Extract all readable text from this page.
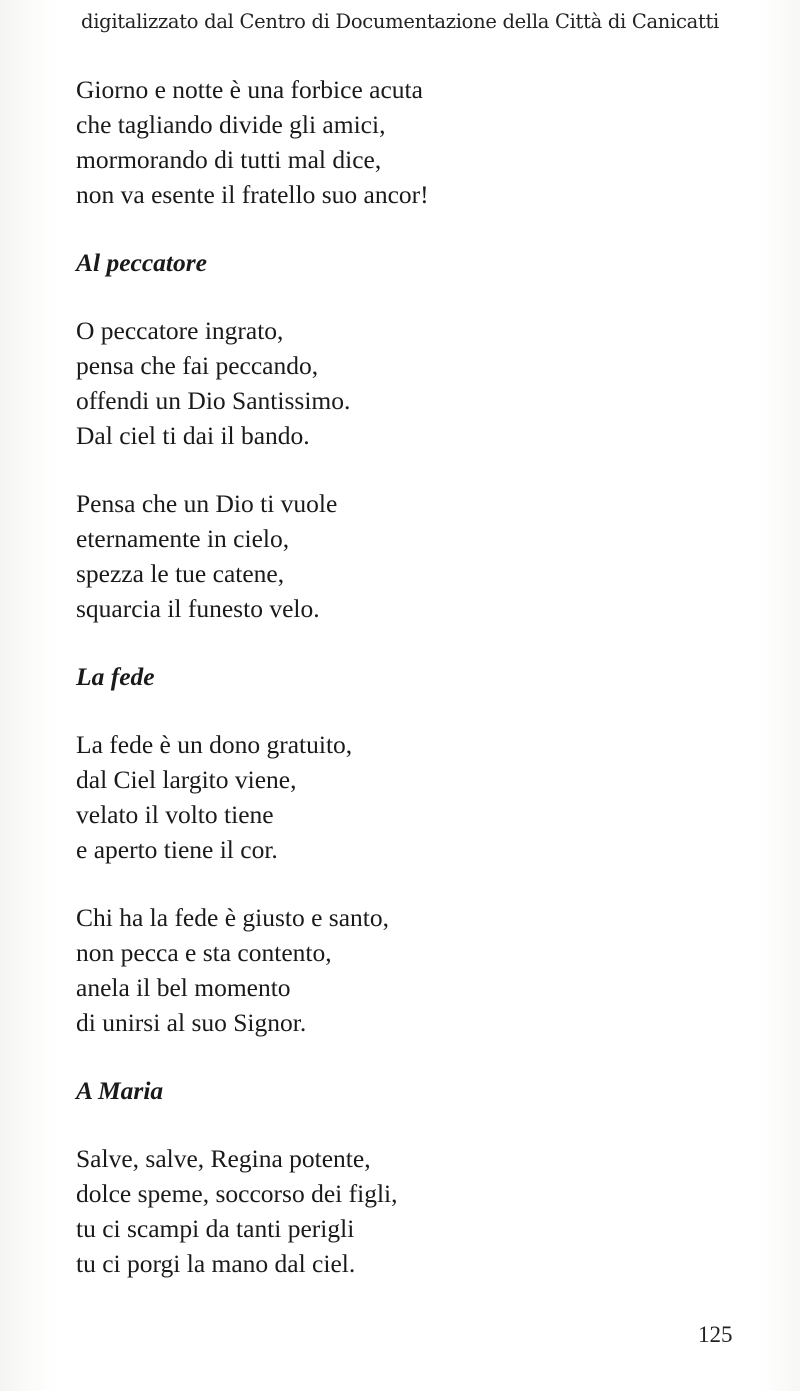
digitalizzato dal Centro di Documentazione della Città di Canicatti
Giorno e notte è una forbice acuta
che tagliando divide gli amici,
mormorando di tutti mal dice,
non va esente il fratello suo ancor!
Al peccatore
O peccatore ingrato,
pensa che fai peccando,
offendi un Dio Santissimo.
Dal ciel ti dai il bando.
Pensa che un Dio ti vuole
eternamente in cielo,
spezza le tue catene,
squarcia il funesto velo.
La fede
La fede è un dono gratuito,
dal Ciel largito viene,
velato il volto tiene
e aperto tiene il cor.
Chi ha la fede è giusto e santo,
non pecca e sta contento,
anela il bel momento
di unirsi al suo Signor.
A Maria
Salve, salve, Regina potente,
dolce speme, soccorso dei figli,
tu ci scampi da tanti perigli
tu ci porgi la mano dal ciel.
125
